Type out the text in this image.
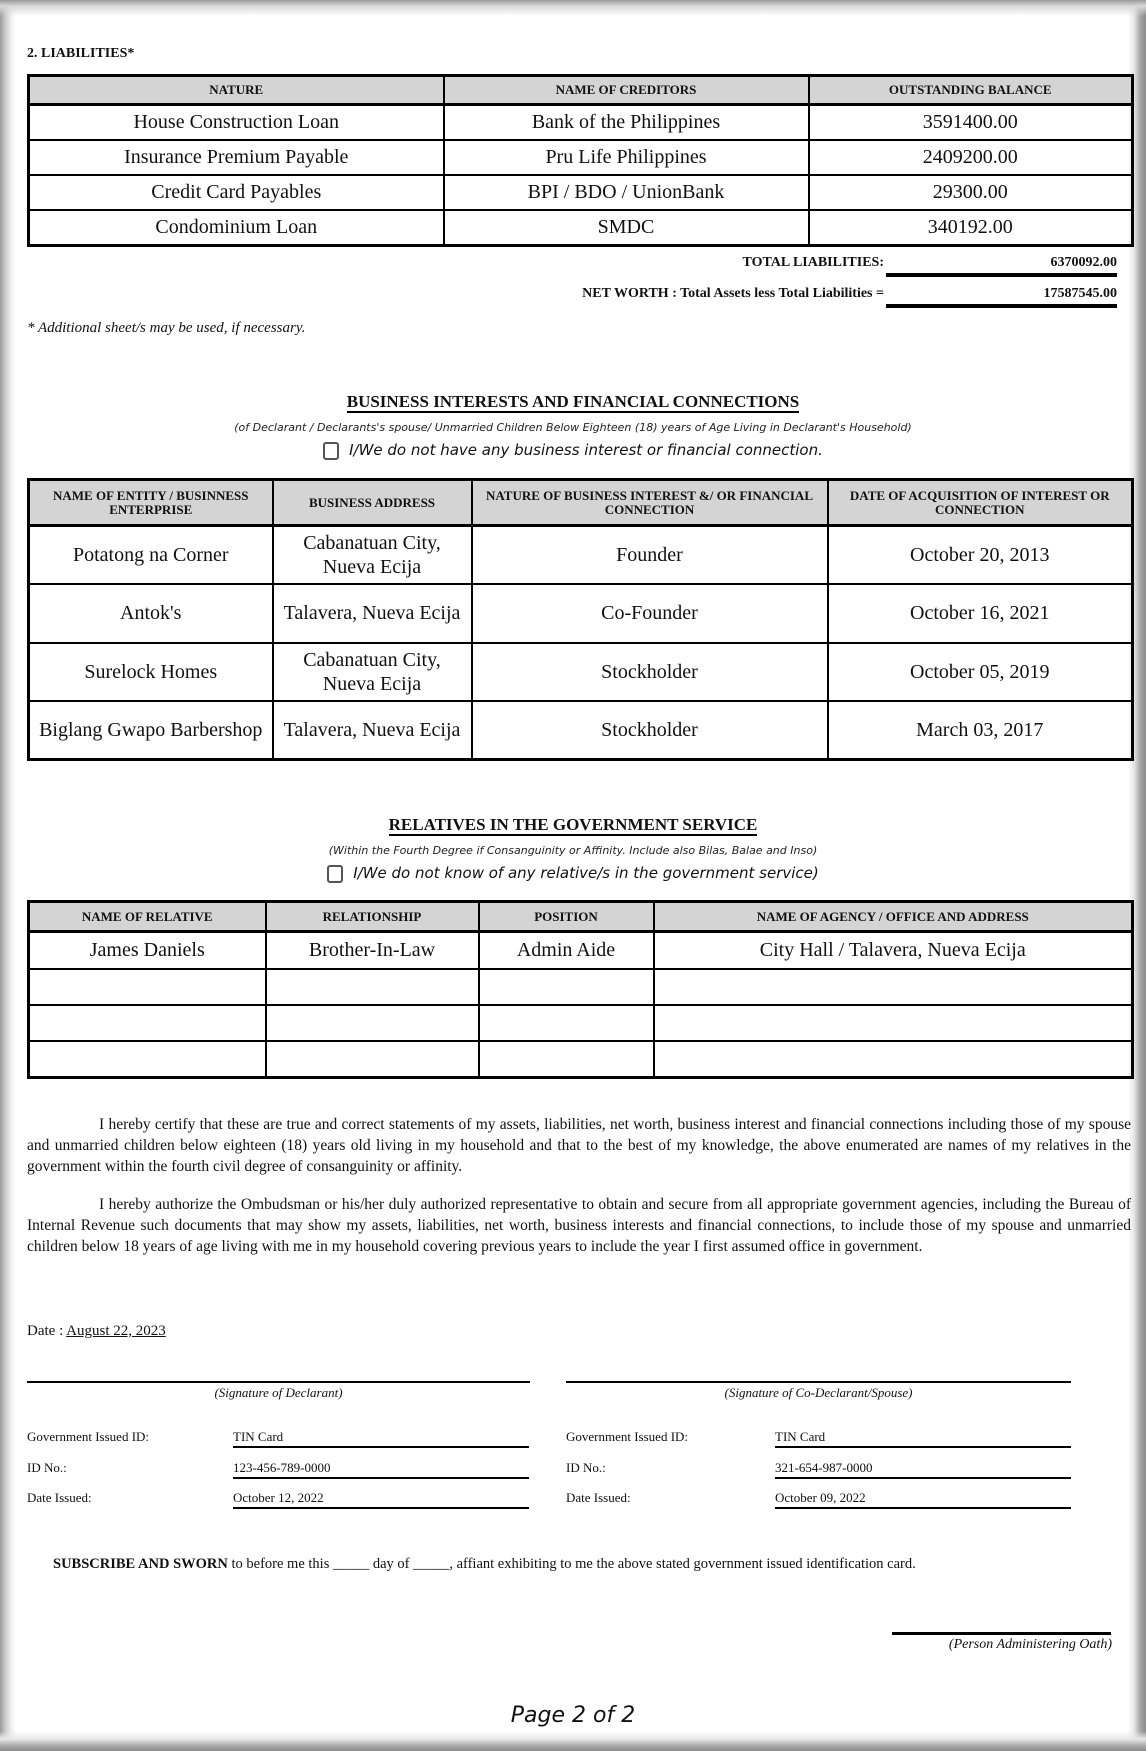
2. LIABILITIES*
NATURE	NAME OF CREDITORS	OUTSTANDING BALANCE
House Construction Loan	Bank of the Philippines	3591400.00
Insurance Premium Payable	Pru Life Philippines	2409200.00
Credit Card Payables	BPI / BDO / UnionBank	29300.00
Condominium Loan	SMDC	340192.00
TOTAL LIABILITIES:	6370092.00
NET WORTH : Total Assets less Total Liabilities =	17587545.00
* Additional sheet/s may be used, if necessary.
BUSINESS INTERESTS AND FINANCIAL CONNECTIONS
(of Declarant / Declarants's spouse/ Unmarried Children Below Eighteen (18) years of Age Living in Declarant's Household)
I/We do not have any business interest or financial connection.
NAME OF ENTITY / BUSINNESS ENTERPRISE	BUSINESS ADDRESS	NATURE OF BUSINESS INTEREST &/ OR FINANCIAL CONNECTION	DATE OF ACQUISITION OF INTEREST OR CONNECTION
Potatong na Corner	Cabanatuan City, Nueva Ecija	Founder	October 20, 2013
Antok's	Talavera, Nueva Ecija	Co-Founder	October 16, 2021
Surelock Homes	Cabanatuan City, Nueva Ecija	Stockholder	October 05, 2019
Biglang Gwapo Barbershop	Talavera, Nueva Ecija	Stockholder	March 03, 2017
RELATIVES IN THE GOVERNMENT SERVICE
(Within the Fourth Degree if Consanguinity or Affinity. Include also Bilas, Balae and Inso)
I/We do not know of any relative/s in the government service)
NAME OF RELATIVE	RELATIONSHIP	POSITION	NAME OF AGENCY / OFFICE AND ADDRESS
James Daniels	Brother-In-Law	Admin Aide	City Hall / Talavera, Nueva Ecija

I hereby certify that these are true and correct statements of my assets, liabilities, net worth, business interest and financial connections including those of my spouse and unmarried children below eighteen (18) years old living in my household and that to the best of my knowledge, the above enumerated are names of my relatives in the government within the fourth civil degree of consanguinity or affinity.

I hereby authorize the Ombudsman or his/her duly authorized representative to obtain and secure from all appropriate government agencies, including the Bureau of Internal Revenue such documents that may show my assets, liabilities, net worth, business interests and financial connections, to include those of my spouse and unmarried children below 18 years of age living with me in my household covering previous years to include the year I first assumed office in government.

Date : August 22, 2023
(Signature of Declarant)	(Signature of Co-Declarant/Spouse)
Government Issued ID:	TIN Card
ID No.:	123-456-789-0000
Date Issued:	October 12, 2022
Government Issued ID:	TIN Card
ID No.:	321-654-987-0000
Date Issued:	October 09, 2022

SUBSCRIBE AND SWORN to before me this _____ day of _____, affiant exhibiting to me the above stated government issued identification card.

(Person Administering Oath)
Page 2 of 2
